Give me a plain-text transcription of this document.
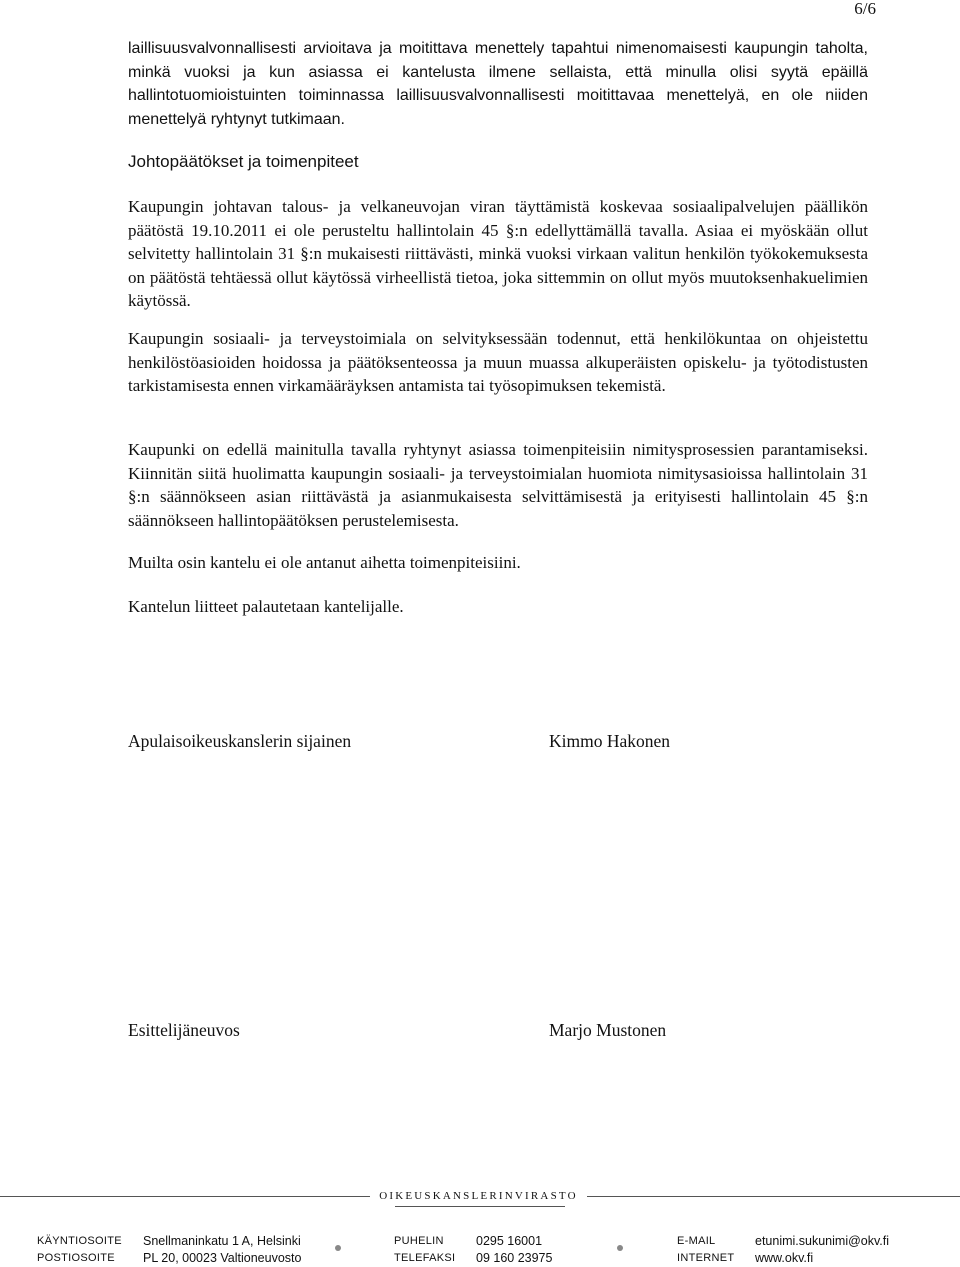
6/6

laillisuusvalvonnallisesti arvioitava ja moitittava menettely tapahtui nimenomaisesti kaupungin taholta, minkä vuoksi ja kun asiassa ei kantelusta ilmene sellaista, että minulla olisi syytä epäillä hallintotuomioistuinten toiminnassa laillisuusvalvonnallisesti moitittavaa menettelyä, en ole niiden menettelyä ryhtynyt tutkimaan.

Johtopäätökset ja toimenpiteet

Kaupungin johtavan talous- ja velkaneuvojan viran täyttämistä koskevaa sosiaalipalvelujen päällikön päätöstä 19.10.2011 ei ole perusteltu hallintolain 45 §:n edellyttämällä tavalla. Asiaa ei myöskään ollut selvitetty hallintolain 31 §:n mukaisesti riittävästi, minkä vuoksi virkaan valitun henkilön työkokemuksesta on päätöstä tehtäessä ollut käytössä virheellistä tietoa, joka sittemmin on ollut myös muutoksenhakuelimien käytössä.

Kaupungin sosiaali- ja terveystoimiala on selvityksessään todennut, että henkilökuntaa on ohjeistettu henkilöstöasioiden hoidossa ja päätöksenteossa ja muun muassa alkuperäisten opiskelu- ja työtodistusten tarkistamisesta ennen virkamääräyksen antamista tai työsopimuksen tekemistä.

Kaupunki on edellä mainitulla tavalla ryhtynyt asiassa toimenpiteisiin nimitysprosessien parantamiseksi. Kiinnitän siitä huolimatta kaupungin sosiaali- ja terveystoimialan huomiota nimitysasioissa hallintolain 31 §:n säännökseen asian riittävästä ja asianmukaisesta selvittämisestä ja erityisesti hallintolain 45 §:n säännökseen hallintopäätöksen perustelemisesta.

Muilta osin kantelu ei ole antanut aihetta toimenpiteisiini.

Kantelun liitteet palautetaan kantelijalle.

Apulaisoikeuskanslerin sijainen	Kimmo Hakonen
Esittelijäneuvos	Marjo Mustonen
OIKEUSKANSLERINVIRASTO
KÄYNTIOSOITE Snellmaninkatu 1 A, Helsinki
POSTIOSOITE PL 20, 00023 Valtioneuvosto
PUHELIN	0295 16001
TELEFAKSI 09 160 23975
E-MAIL	etunimi.sukunimi@okv.fi
INTERNET www.okv.fi
